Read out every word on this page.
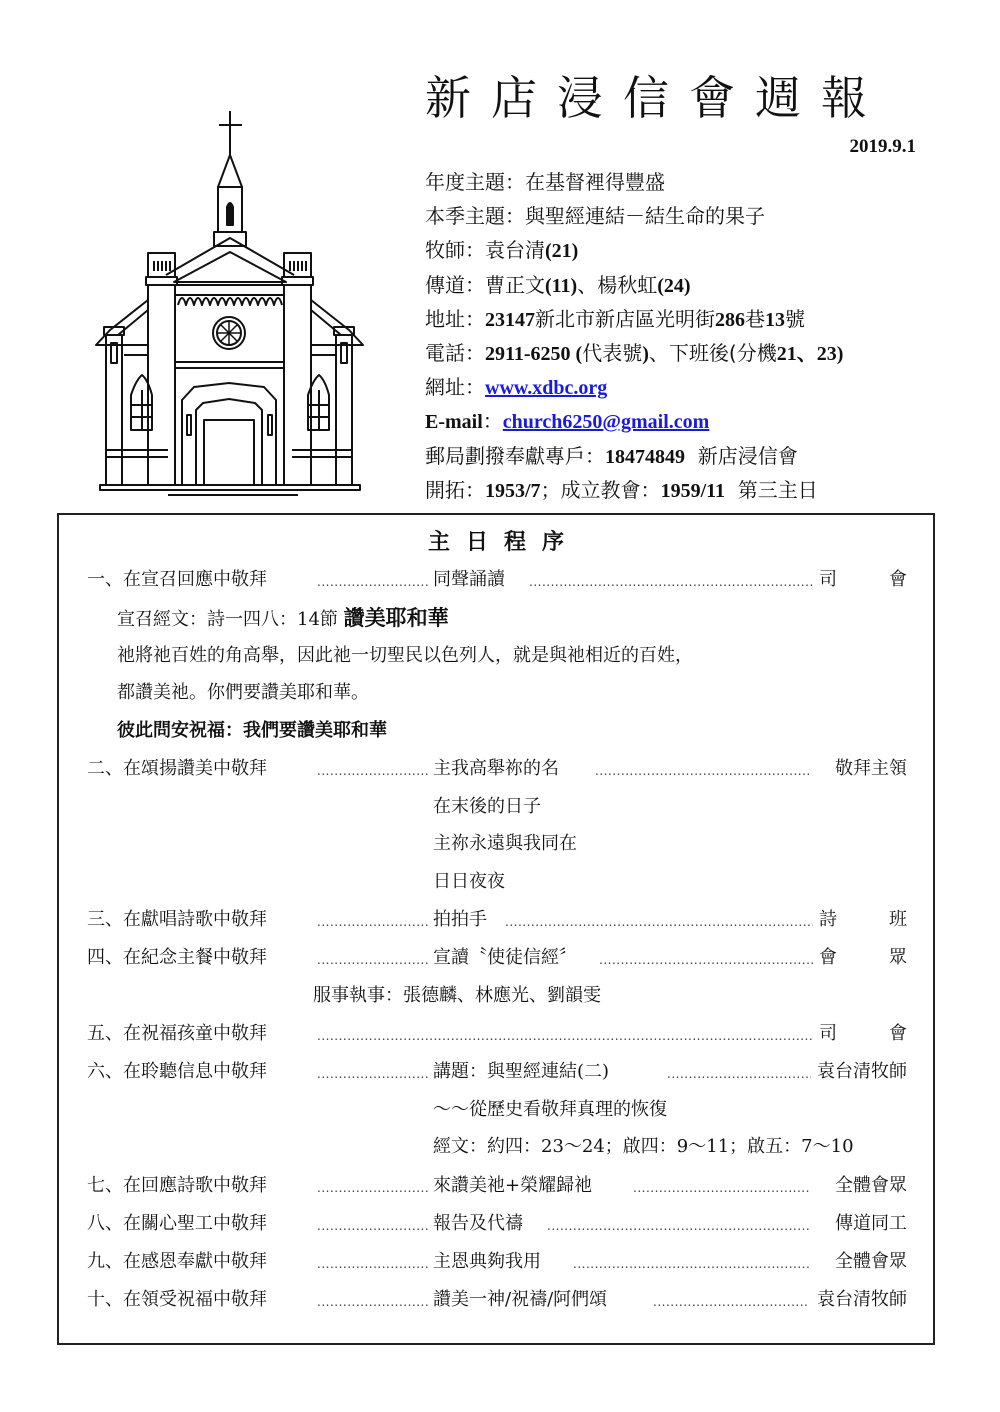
新店浸信會週報
2019.9.1
年度主題：在基督裡得豐盛
本季主題：與聖經連結－結生命的果子
牧師：袁台清(21)
傳道：曹正文(11)、楊秋虹(24)
地址：23147新北市新店區光明街286巷13號
電話：2911-6250 (代表號)、下班後(分機21、23)
網址：www.xdbc.org
E-mail：church6250@gmail.com
郵局劃撥奉獻專戶：18474849 新店浸信會
開拓：1953/7；成立教會：1959/11 第三主日
主日程序
一、在宣召回應中敬拜 .....	同聲誦讀 .....	司	會
宣召經文：詩一四八：14節 讚美耶和華
祂將祂百姓的角高舉，因此祂一切聖民以色列人，就是與祂相近的百姓，
都讚美祂。你們要讚美耶和華。
彼此問安祝福：我們要讚美耶和華
二、在頌揚讚美中敬拜 .....	主我高舉祢的名 .....	敬拜主領
在末後的日子
主祢永遠與我同在
日日夜夜
三、在獻唱詩歌中敬拜 .....	拍拍手 .....	詩	班
四、在紀念主餐中敬拜 .....	宣讀〝使徒信經〞 .....	會	眾
服事執事：張德麟、林應光、劉韻雯
五、在祝福孩童中敬拜 .....	司	會
六、在聆聽信息中敬拜 .....	講題：與聖經連結(二) .....	袁台清牧師
～～從歷史看敬拜真理的恢復
經文：約四：23～24；啟四：9～11；啟五：7～10
七、在回應詩歌中敬拜 .....	來讚美祂+榮耀歸祂 .....	全體會眾
八、在關心聖工中敬拜 .....	報告及代禱 .....	傳道同工
九、在感恩奉獻中敬拜 .....	主恩典夠我用 .....	全體會眾
十、在領受祝福中敬拜 .....	讚美一神/祝禱/阿們頌 .....	袁台清牧師
